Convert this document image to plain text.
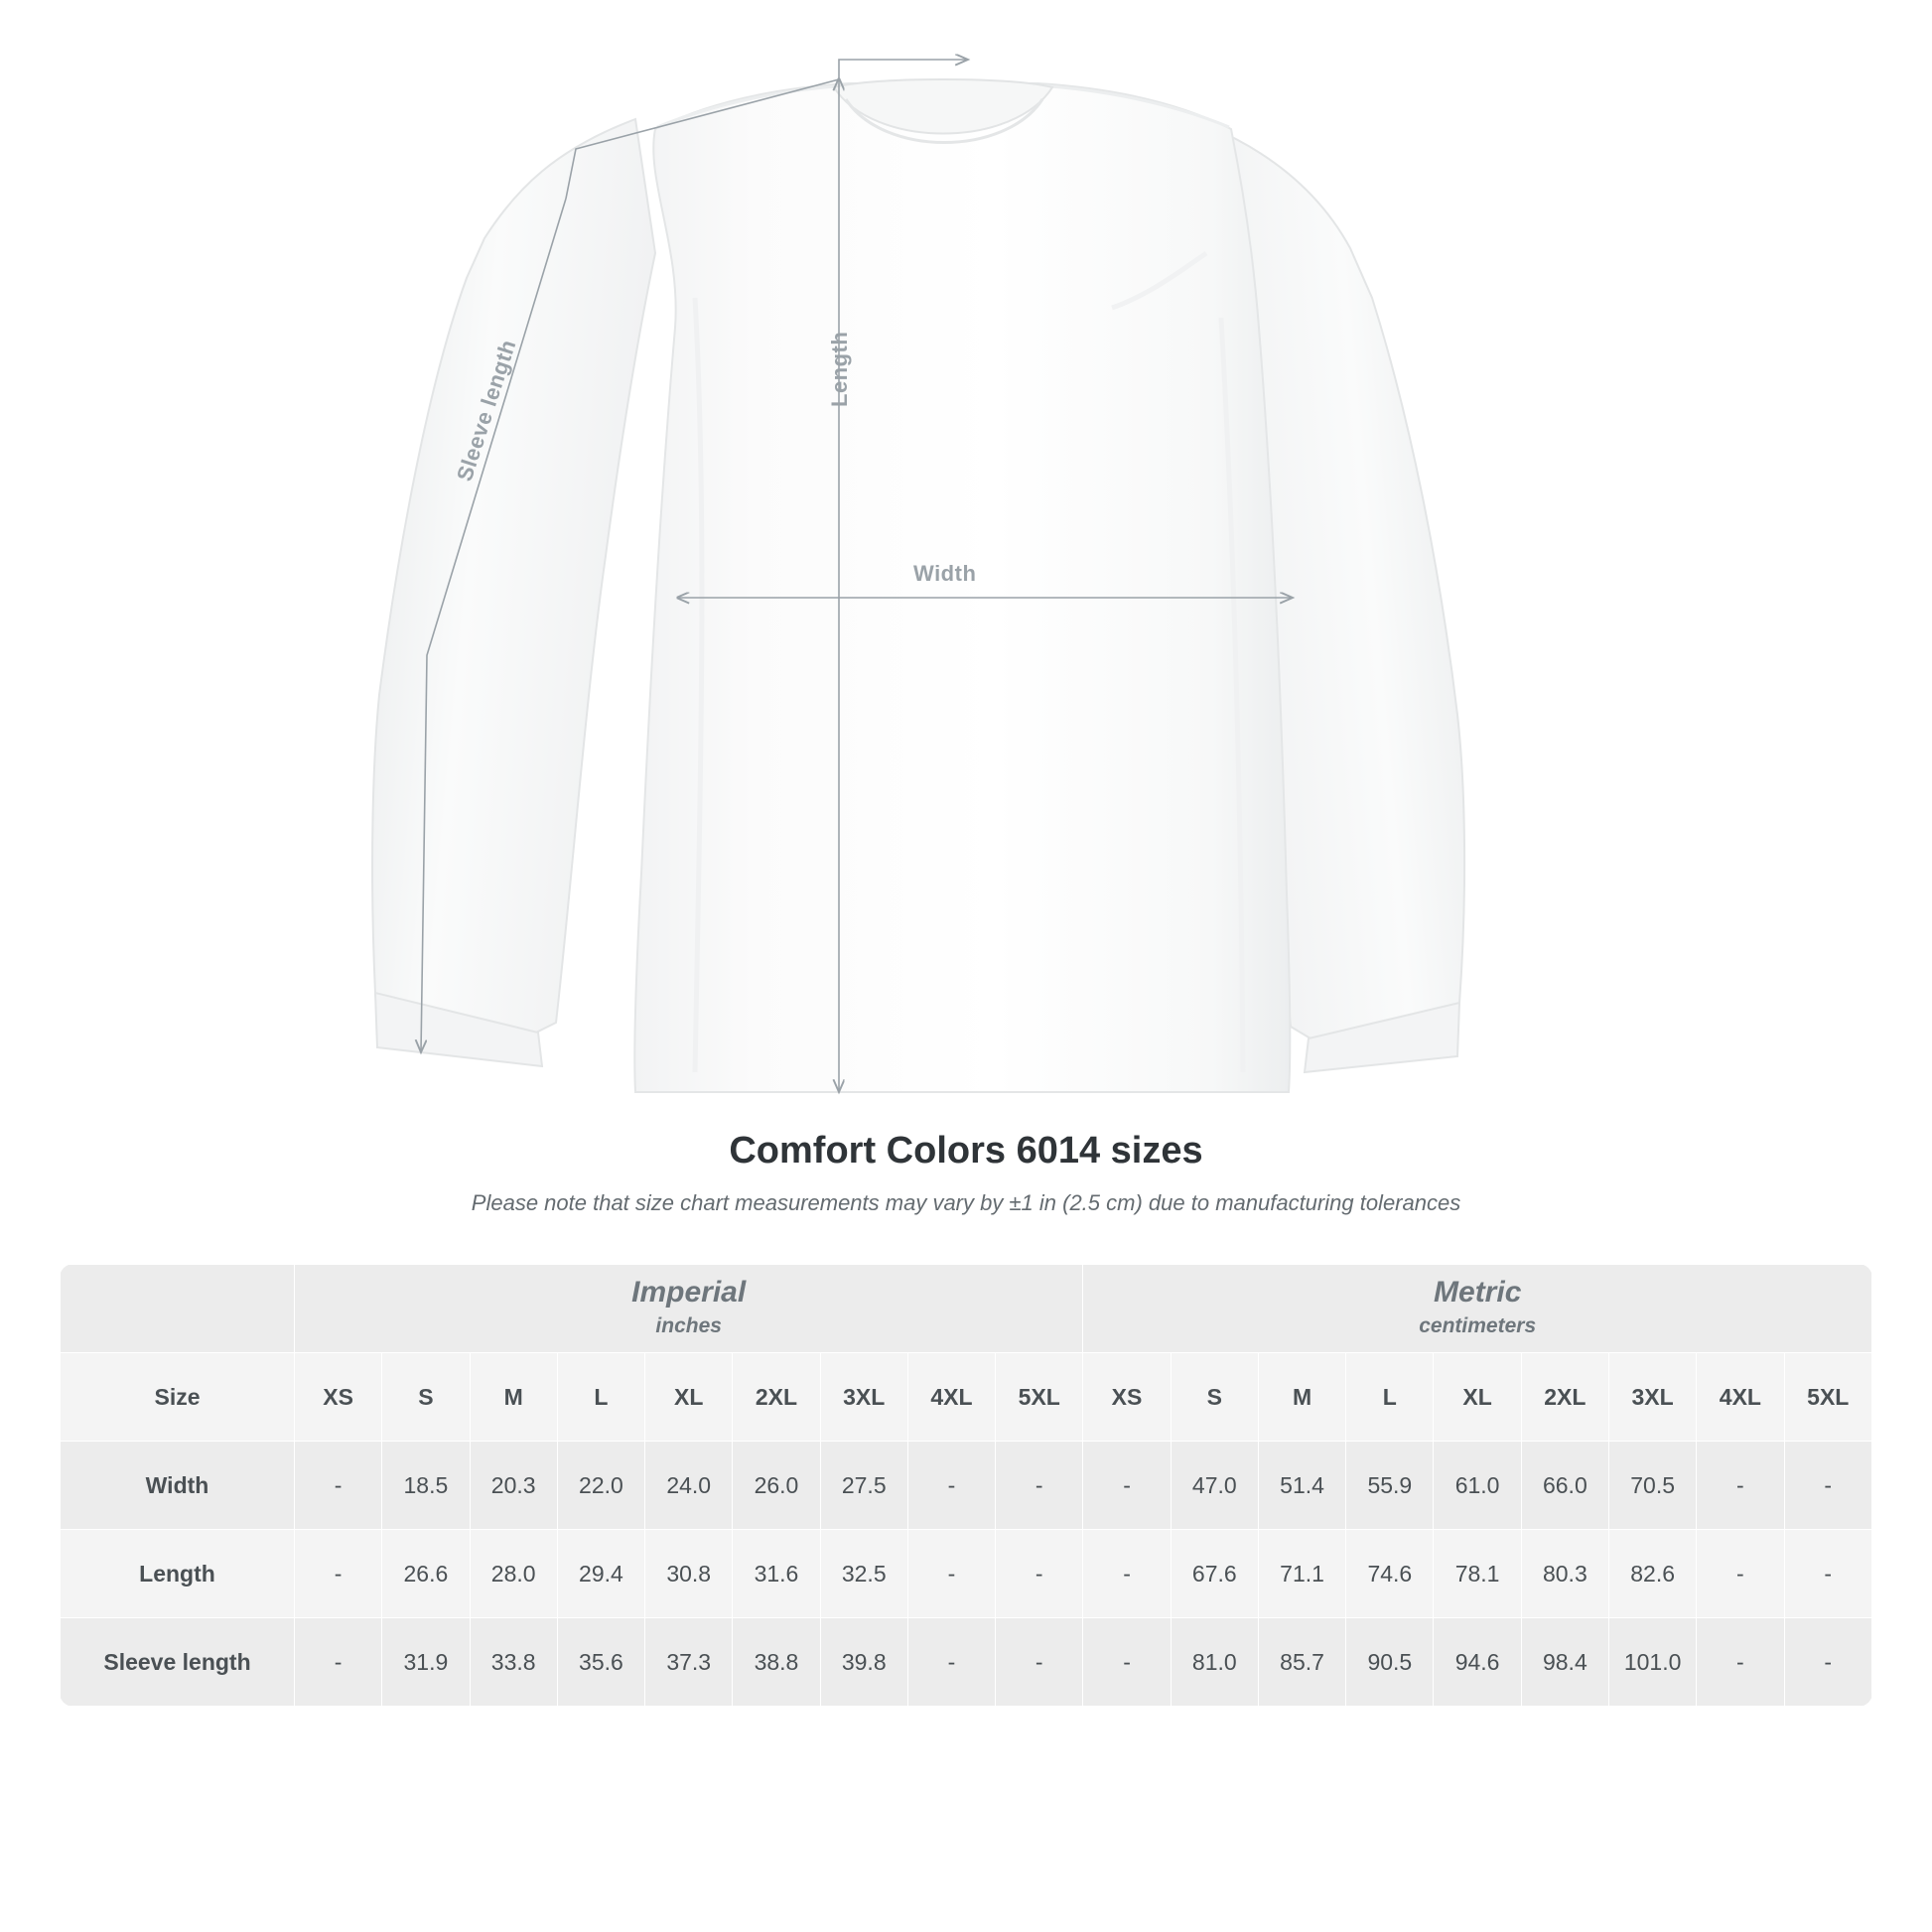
Width
Length
Sleeve length
Comfort Colors 6014 sizes

Please note that size chart measurements may vary by ±1 in (2.5 cm) due to manufacturing tolerances

Imperial
inches

Metric
centimeters

Size	XS	S	M	L	XL	2XL	3XL	4XL	5XL	XS	S	M	L	XL	2XL	3XL	4XL	5XL
Width	-	18.5	20.3	22.0	24.0	26.0	27.5	-	-	-	47.0	51.4	55.9	61.0	66.0	70.5	-	-
Length	-	26.6	28.0	29.4	30.8	31.6	32.5	-	-	-	67.6	71.1	74.6	78.1	80.3	82.6	-	-
Sleeve length	-	31.9	33.8	35.6	37.3	38.8	39.8	-	-	-	81.0	85.7	90.5	94.6	98.4	101.0	-	-
